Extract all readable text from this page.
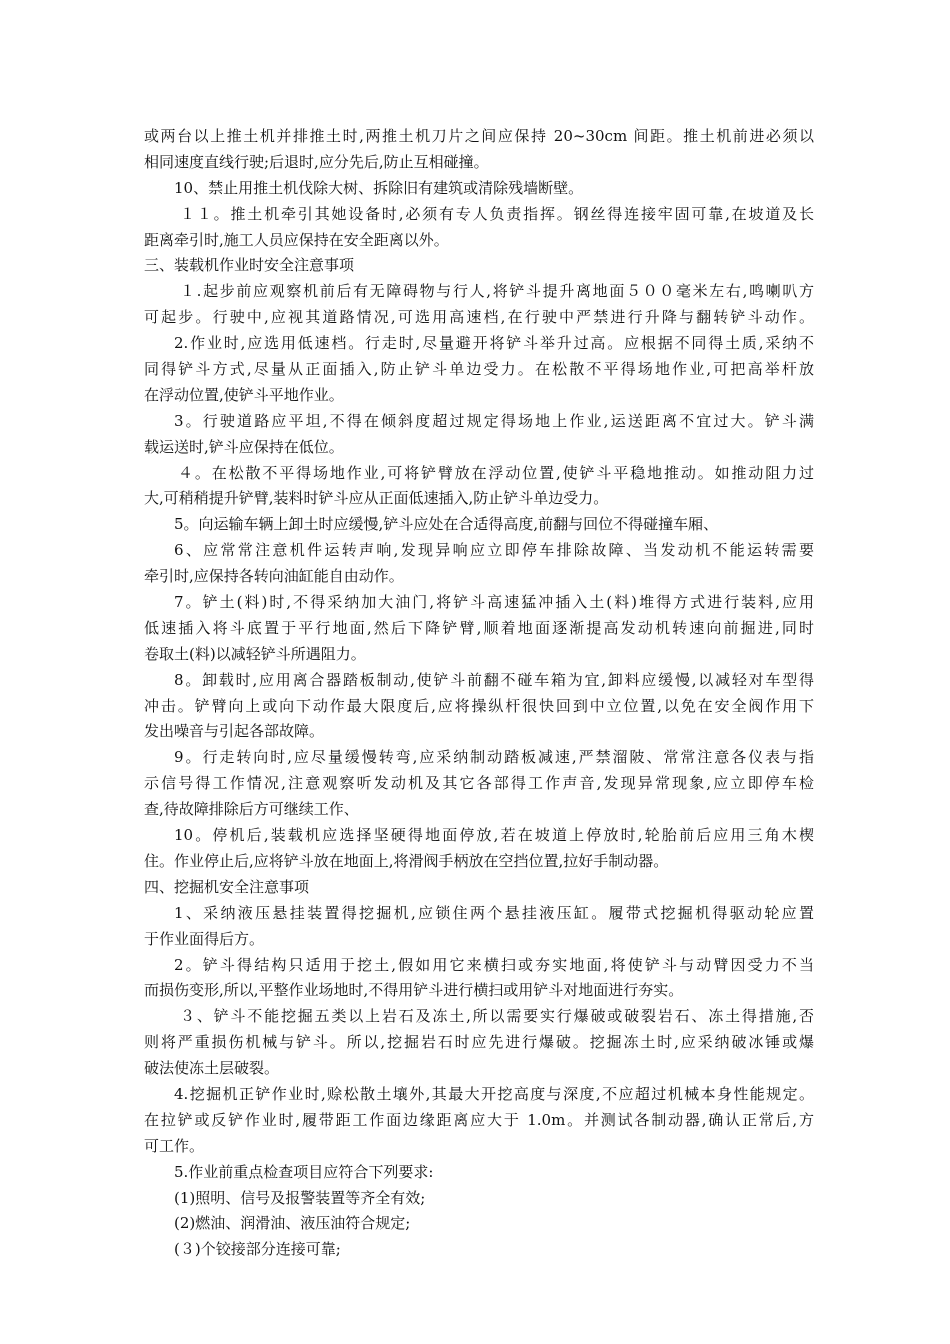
或两台以上推土机并排推土时,两推土机刀片之间应保持 20~30cm 间距。推土机前进必须以
相同速度直线行驶;后退时,应分先后,防止互相碰撞。
10、禁止用推土机伐除大树、拆除旧有建筑或清除残墙断壁。
１１。推土机牵引其她设备时,必须有专人负责指挥。钢丝得连接牢固可靠,在坡道及长
距离牵引时,施工人员应保持在安全距离以外。
三、装载机作业时安全注意事项
１.起步前应观察机前后有无障碍物与行人,将铲斗提升离地面５００毫米左右,鸣喇叭方
可起步。行驶中,应视其道路情况,可选用高速档,在行驶中严禁进行升降与翻转铲斗动作。
2.作业时,应选用低速档。行走时,尽量避开将铲斗举升过高。应根据不同得土质,采纳不
同得铲斗方式,尽量从正面插入,防止铲斗单边受力。在松散不平得场地作业,可把高举杆放
在浮动位置,使铲斗平地作业。
3。行驶道路应平坦,不得在倾斜度超过规定得场地上作业,运送距离不宜过大。铲斗满
载运送时,铲斗应保持在低位。
４。在松散不平得场地作业,可将铲臂放在浮动位置,使铲斗平稳地推动。如推动阻力过
大,可稍稍提升铲臂,装料时铲斗应从正面低速插入,防止铲斗单边受力。
5。向运输车辆上卸土时应缓慢,铲斗应处在合适得高度,前翻与回位不得碰撞车厢、
6、应常常注意机件运转声响,发现异响应立即停车排除故障、当发动机不能运转需要
牵引时,应保持各转向油缸能自由动作。
7。铲土(料)时,不得采纳加大油门,将铲斗高速猛冲插入土(料)堆得方式进行装料,应用
低速插入将斗底置于平行地面,然后下降铲臂,顺着地面逐渐提高发动机转速向前掘进,同时
卷取土(料)以减轻铲斗所遇阻力。
8。卸载时,应用离合器踏板制动,使铲斗前翻不碰车箱为宜,卸料应缓慢,以减轻对车型得
冲击。铲臂向上或向下动作最大限度后,应将操纵杆很快回到中立位置,以免在安全阀作用下
发出噪音与引起各部故障。
9。行走转向时,应尽量缓慢转弯,应采纳制动踏板减速,严禁溜陂、常常注意各仪表与指
示信号得工作情况,注意观察听发动机及其它各部得工作声音,发现异常现象,应立即停车检
查,待故障排除后方可继续工作、
10。停机后,装载机应选择坚硬得地面停放,若在坡道上停放时,轮胎前后应用三角木楔
住。作业停止后,应将铲斗放在地面上,将滑阀手柄放在空挡位置,拉好手制动器。
四、挖掘机安全注意事项
1、采纳液压悬挂装置得挖掘机,应锁住两个悬挂液压缸。履带式挖掘机得驱动轮应置
于作业面得后方。
2。铲斗得结构只适用于挖土,假如用它来横扫或夯实地面,将使铲斗与动臂因受力不当
而损伤变形,所以,平整作业场地时,不得用铲斗进行横扫或用铲斗对地面进行夯实。
３、铲斗不能挖掘五类以上岩石及冻土,所以需要实行爆破或破裂岩石、冻土得措施,否
则将严重损伤机械与铲斗。所以,挖掘岩石时应先进行爆破。挖掘冻土时,应采纳破冰锤或爆
破法使冻土层破裂。
4.挖掘机正铲作业时,赊松散土壤外,其最大开挖高度与深度,不应超过机械本身性能规定。
在拉铲或反铲作业时,履带距工作面边缘距离应大于 1.0m。并测试各制动器,确认正常后,方
可工作。
5.作业前重点检查项目应符合下列要求:
(1)照明、信号及报警装置等齐全有效;
(2)燃油、润滑油、液压油符合规定;
(３)个铰接部分连接可靠;
